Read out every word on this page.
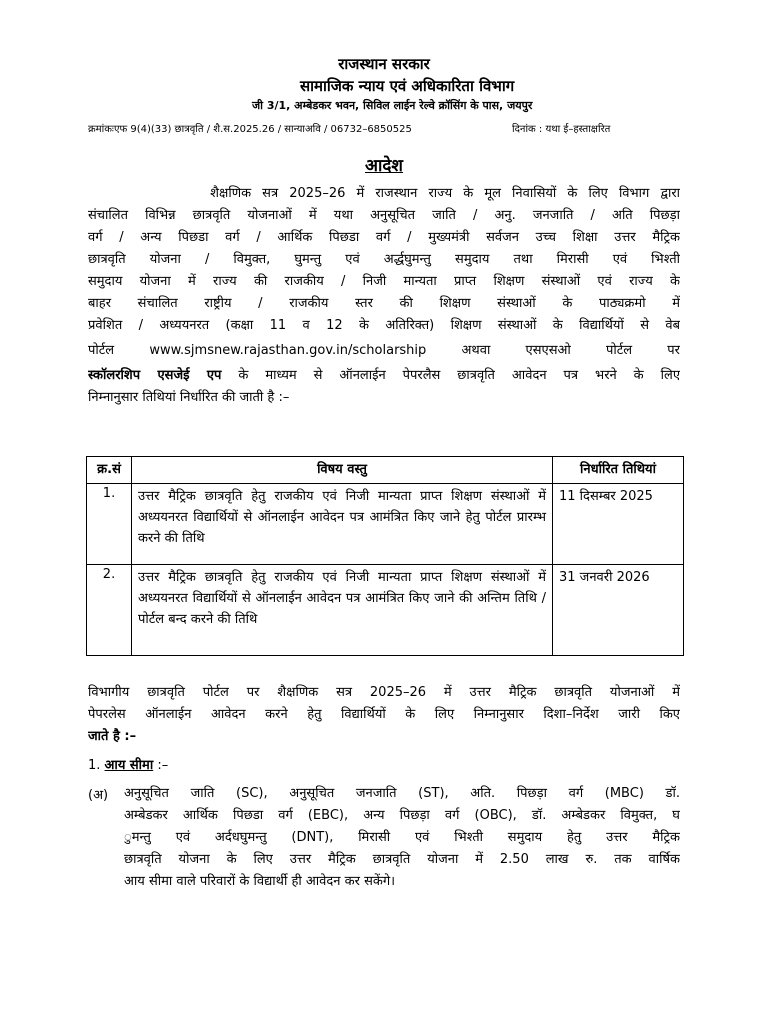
राजस्थान सरकार
सामाजिक न्याय एवं अधिकारिता विभाग
जी 3/1, अम्बेडकर भवन, सिविल लाईन रेल्वे क्रॉसिंग के पास, जयपुर
क्रमांकःएफ 9(4)(33) छात्रवृति / शै.स.2025.26 / सान्याअवि / 06732–6850525	दिनांक : यथा ई–हस्ताक्षरित
आदेश
शैक्षणिक सत्र 2025–26 में राजस्थान राज्य के मूल निवासियों के लिए विभाग द्वारा
संचालित विभिन्न छात्रवृति योजनाओं में यथा अनुसूचित जाति / अनु. जनजाति / अति पिछड़ा
वर्ग / अन्य पिछडा वर्ग / आर्थिक पिछडा वर्ग / मुख्यमंत्री सर्वजन उच्च शिक्षा उत्तर मैट्रिक
छात्रवृति योजना / विमुक्त, घुमन्तु एवं अर्द्धघुमन्तु समुदाय तथा मिरासी एवं भिश्ती
समुदाय योजना में राज्य की राजकीय / निजी मान्यता प्राप्त शिक्षण संस्थाओं एवं राज्य के
बाहर संचालित राष्ट्रीय / राजकीय स्तर की शिक्षण संस्थाओं के पाठ्यक्रमो में
प्रवेशित / अध्ययनरत (कक्षा 11 व 12 के अतिरिक्त) शिक्षण संस्थाओं के विद्यार्थियों से वेब
पोर्टल www.sjmsnew.rajasthan.gov.in/scholarship अथवा एसएसओ पोर्टल पर
स्कॉलरशिप एसजेई एप के माध्यम से ऑनलाईन पेपरलैस छात्रवृति आवेदन पत्र भरने के लिए
निम्नानुसार तिथियां निर्धारित की जाती है :–
क्र.सं	विषय वस्तु	निर्धारित तिथियां
1.	उत्तर मैट्रिक छात्रवृति हेतु राजकीय एवं निजी मान्यता प्राप्त शिक्षण संस्थाओं में अध्ययनरत विद्यार्थियों से ऑनलाईन आवेदन पत्र आमंत्रित किए जाने हेतु पोर्टल प्रारम्भ करने की तिथि	11 दिसम्बर 2025
2.	उत्तर मैट्रिक छात्रवृति हेतु राजकीय एवं निजी मान्यता प्राप्त शिक्षण संस्थाओं में अध्ययनरत विद्यार्थियों से ऑनलाईन आवेदन पत्र आमंत्रित किए जाने की अन्तिम तिथि / पोर्टल बन्द करने की तिथि	31 जनवरी 2026
विभागीय छात्रवृति पोर्टल पर शैक्षणिक सत्र 2025–26 में उत्तर मैट्रिक छात्रवृति योजनाओं में
पेपरलेस ऑनलाईन आवेदन करने हेतु विद्यार्थियों के लिए निम्नानुसार दिशा–निर्देश जारी किए
जाते है :–
1. आय सीमा :–
(अ) अनुसूचित जाति (SC), अनुसूचित जनजाति (ST), अति. पिछड़ा वर्ग (MBC) डॉ.
अम्बेडकर आर्थिक पिछडा वर्ग (EBC), अन्य पिछड़ा वर्ग (OBC), डॉ. अम्बेडकर विमुक्त, घ
ुमन्तु एवं अर्दधघुमन्तु (DNT), मिरासी एवं भिश्ती समुदाय हेतु उत्तर मैट्रिक
छात्रवृति योजना के लिए उत्तर मैट्रिक छात्रवृति योजना में 2.50 लाख रु. तक वार्षिक
आय सीमा वाले परिवारों के विद्यार्थी ही आवेदन कर सकेंगे।
